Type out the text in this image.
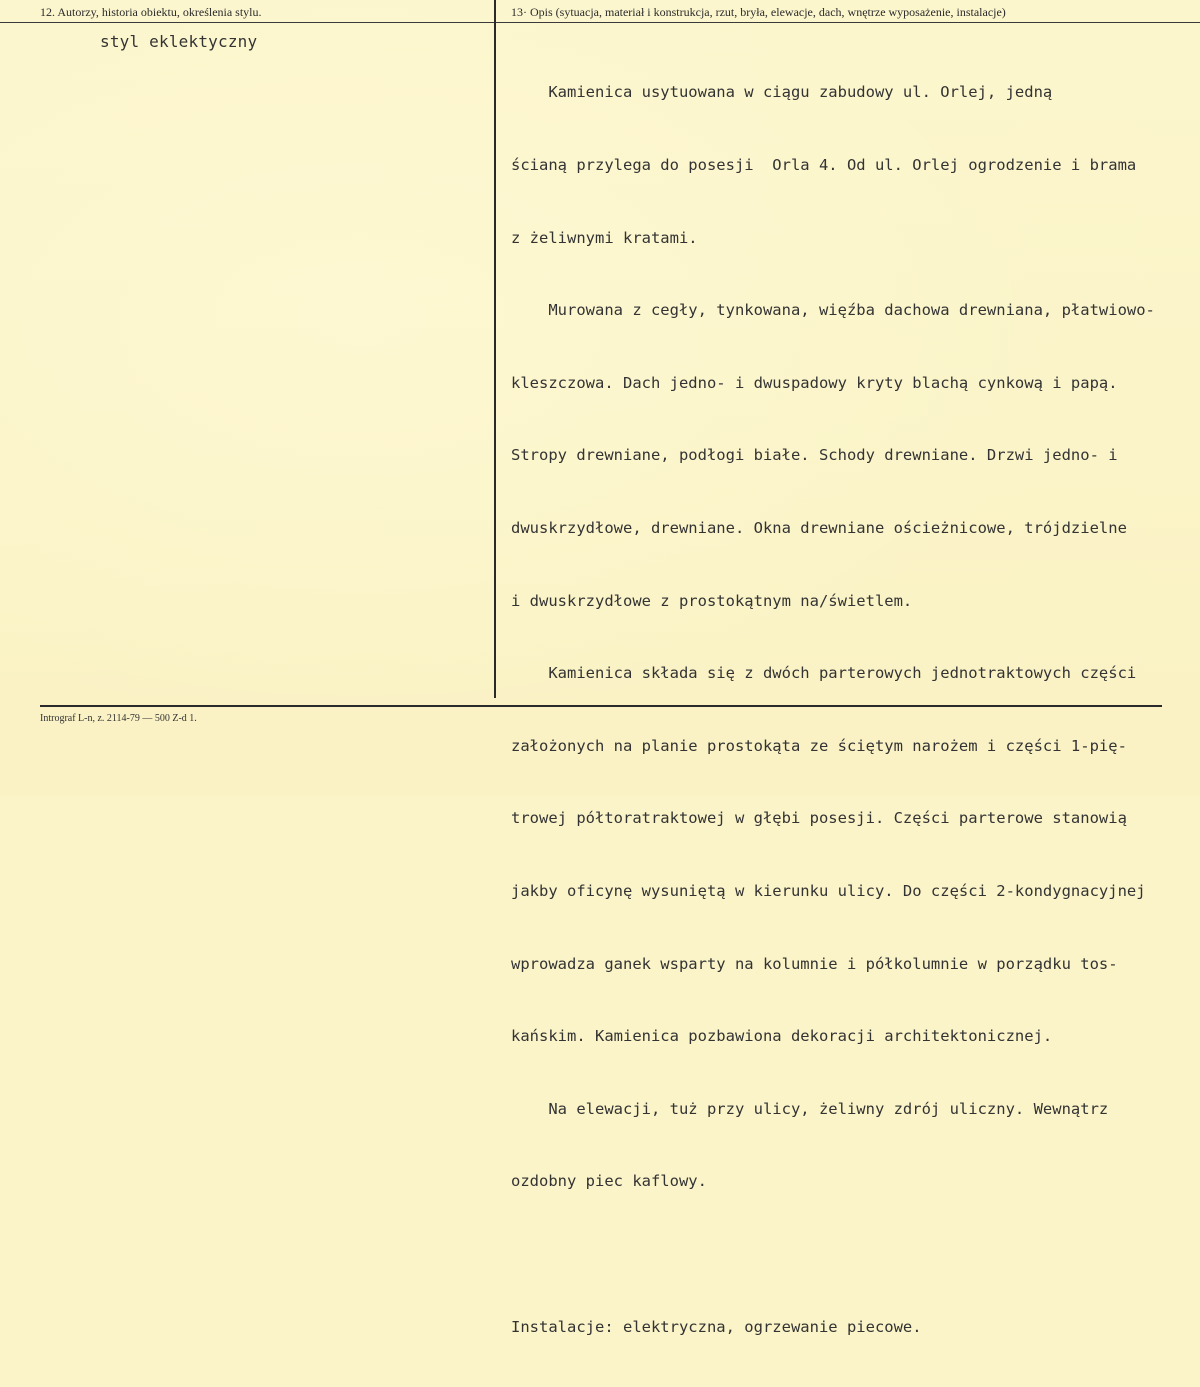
12. Autorzy, historia obiektu, określenia stylu.	13· Opis (sytuacja, materiał i konstrukcja, rzut, bryła, elewacje, dach, wnętrze wyposażenie, instalacje)
styl eklektyczny

Kamienica usytuowana w ciągu zabudowy ul. Orlej, jedną

ścianą przylega do posesji  Orla 4. Od ul. Orlej ogrodzenie i brama

z żeliwnymi kratami.

Murowana z cegły, tynkowana, więźba dachowa drewniana, płatwiowo-

kleszczowa. Dach jedno- i dwuspadowy kryty blachą cynkową i papą.

Stropy drewniane, podłogi białe. Schody drewniane. Drzwi jedno- i

dwuskrzydłowe, drewniane. Okna drewniane ościeżnicowe, trójdzielne

i dwuskrzydłowe z prostokątnym na/świetlem.

Kamienica składa się z dwóch parterowych jednotraktowych części

założonych na planie prostokąta ze ściętym narożem i części 1-pię-

trowej półtoratraktowej w głębi posesji. Części parterowe stanowią

jakby oficynę wysuniętą w kierunku ulicy. Do części 2-kondygnacyjnej

wprowadza ganek wsparty na kolumnie i półkolumnie w porządku tos-

kańskim. Kamienica pozbawiona dekoracji architektonicznej.

Na elewacji, tuż przy ulicy, żeliwny zdrój uliczny. Wewnątrz

ozdobny piec kaflowy.

Instalacje: elektryczna, ogrzewanie piecowe.

Intrograf L-n, z. 2114-79 — 500 Z-d 1.
